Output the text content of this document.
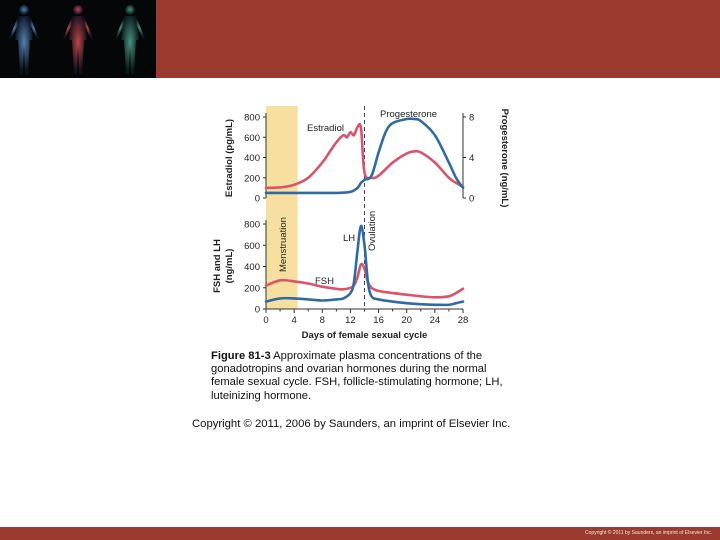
0
200
400
600
800
0
4
8
0
200
400
600
800
0 4 8 12 16 20 24 28
Estradiol
Progesterone
LH
FSH
Menstruation	Ovulation
Estradiol (pg/mL)	Progesterone (ng/mL)
FSH and LH (ng/mL)
Days of female sexual cycle
Figure 81-3 Approximate plasma concentrations of the gonadotropins and ovarian hormones during the normal female sexual cycle. FSH, follicle-stimulating hormone; LH, luteinizing hormone.
Copyright © 2011, 2006 by Saunders, an imprint of Elsevier Inc.
Copyright © 2011 by Saunders, an imprint of Elsevier Inc.
